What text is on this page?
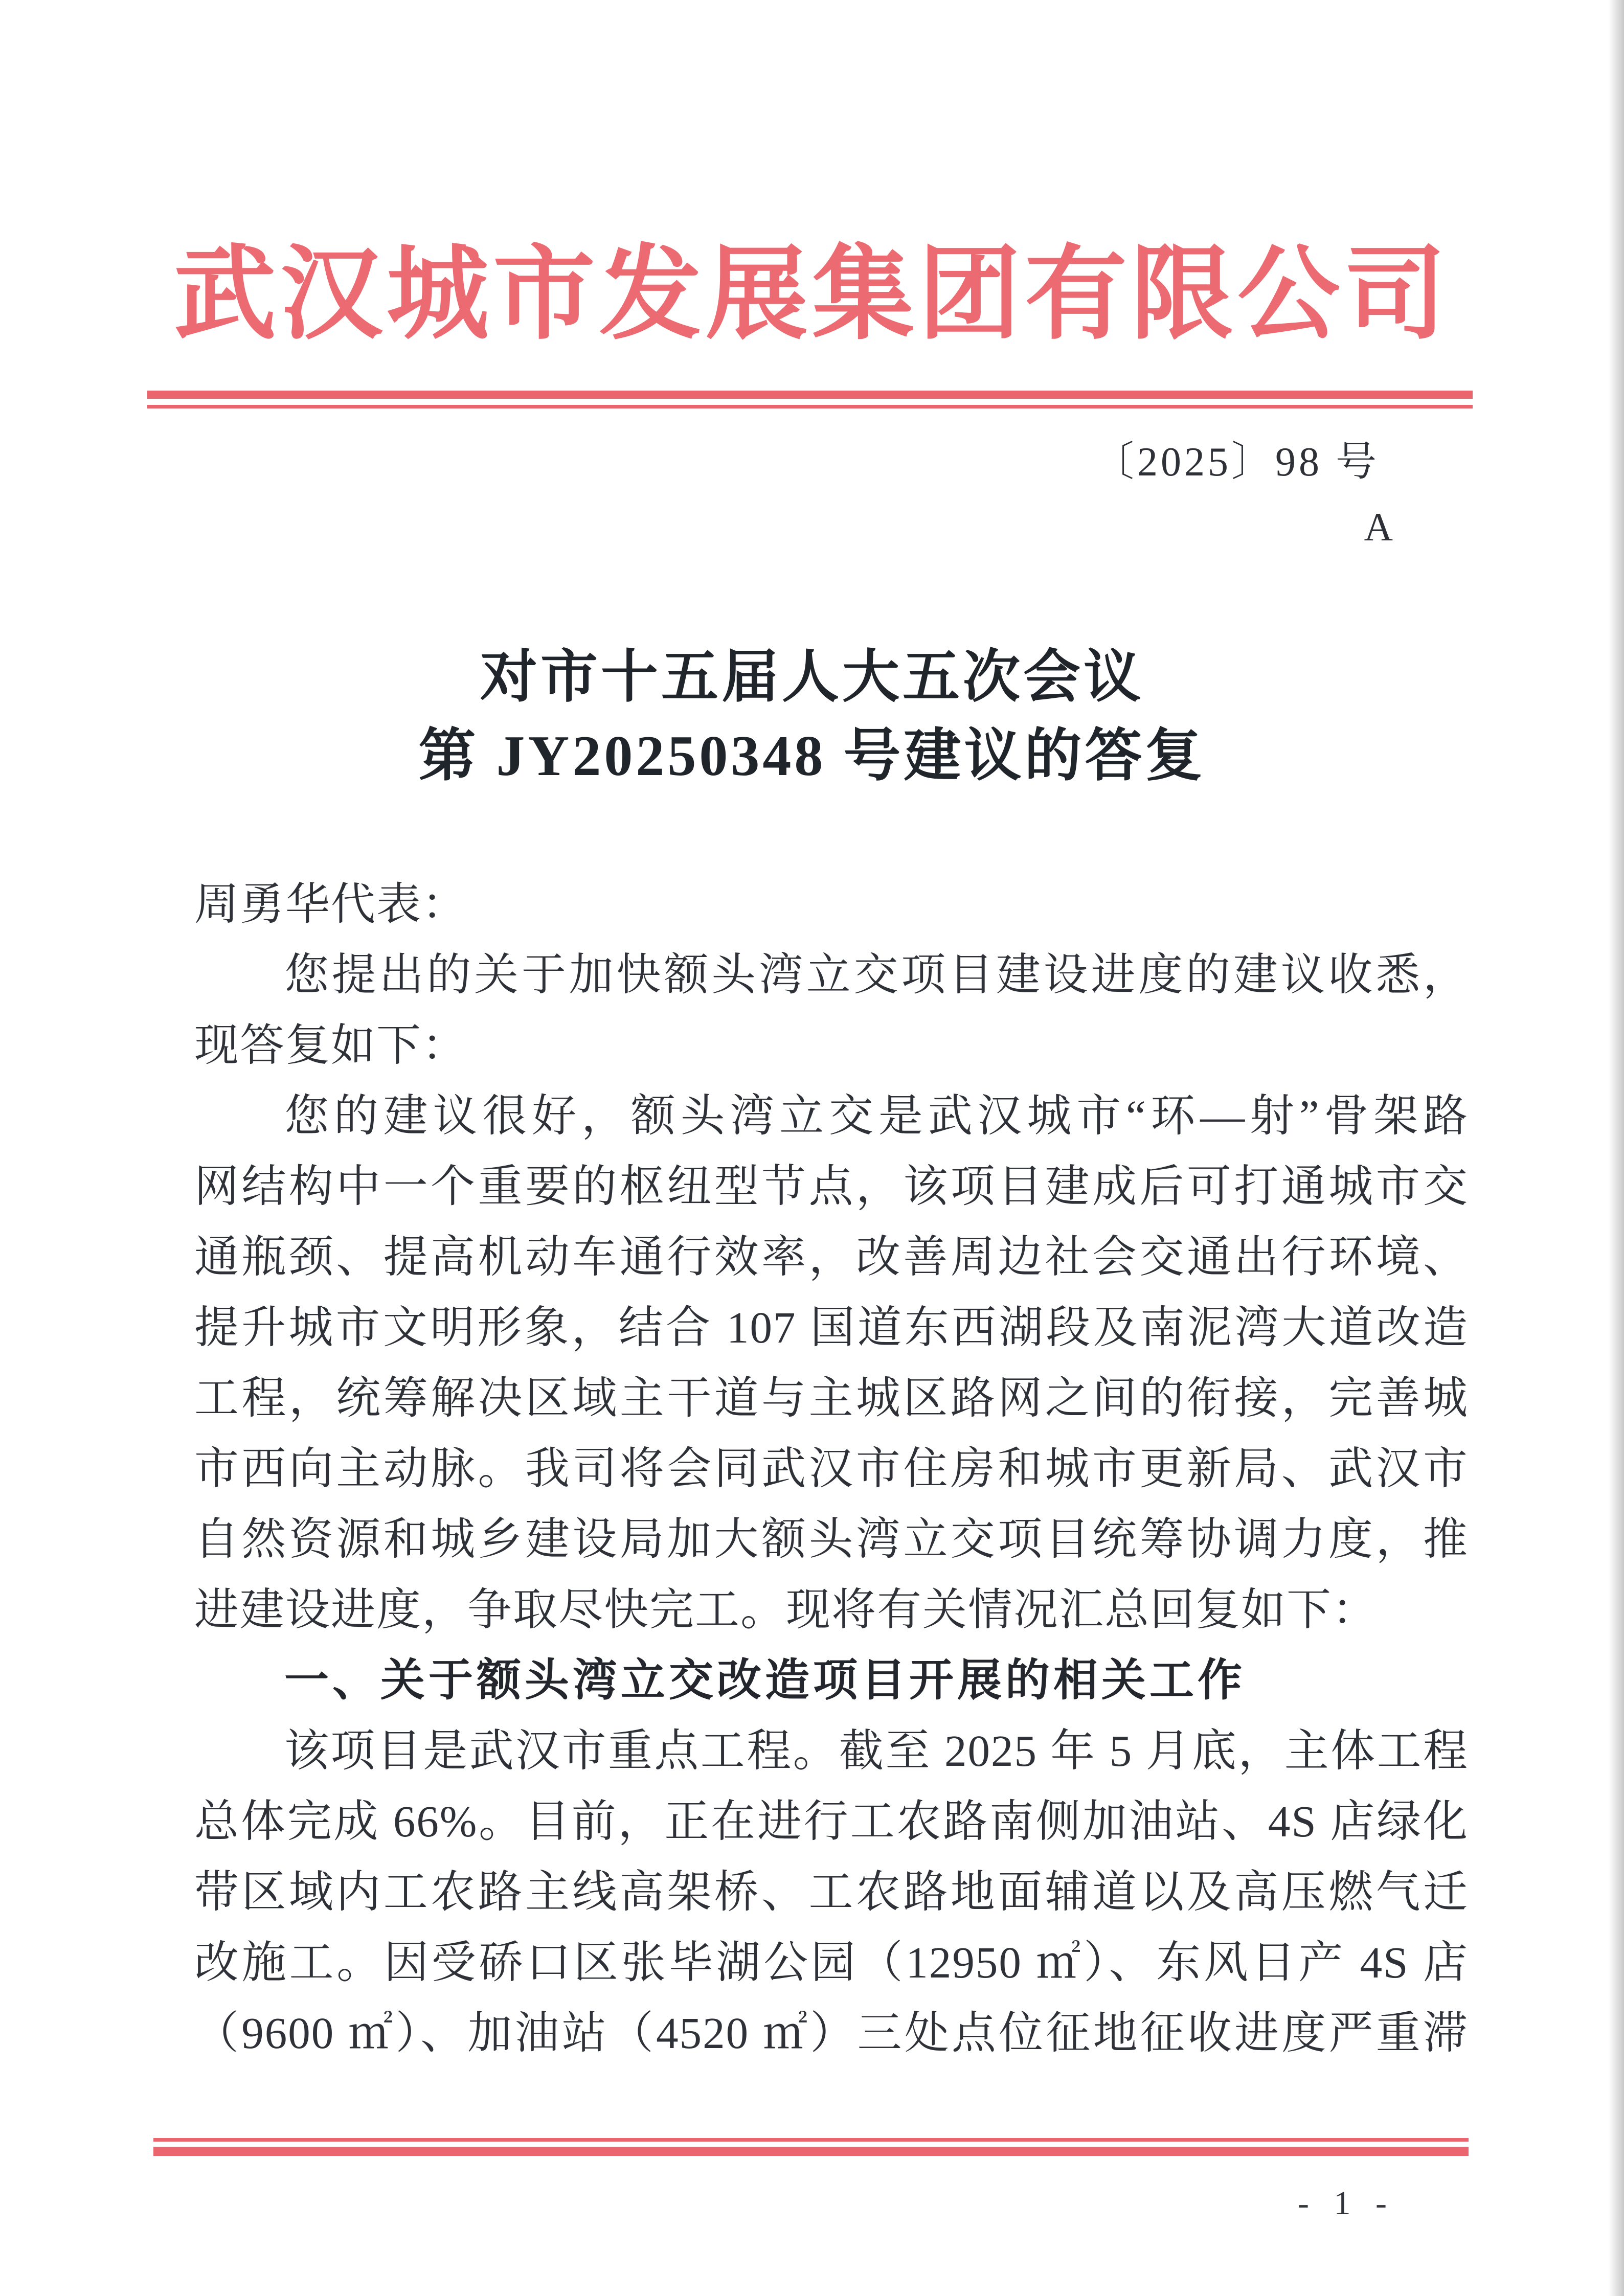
武汉城市发展集团有限公司
〔2025〕98 号
A
对市十五届人大五次会议
第 JY20250348 号建议的答复
周勇华代表：
您提出的关于加快额头湾立交项目建设进度的建议收悉，
现答复如下：
您的建议很好，额头湾立交是武汉城市“环—射”骨架路
网结构中一个重要的枢纽型节点，该项目建成后可打通城市交
通瓶颈、提高机动车通行效率，改善周边社会交通出行环境、
提升城市文明形象，结合 107 国道东西湖段及南泥湾大道改造
工程，统筹解决区域主干道与主城区路网之间的衔接，完善城
市西向主动脉。我司将会同武汉市住房和城市更新局、武汉市
自然资源和城乡建设局加大额头湾立交项目统筹协调力度，推
进建设进度，争取尽快完工。现将有关情况汇总回复如下：
一、关于额头湾立交改造项目开展的相关工作
该项目是武汉市重点工程。截至 2025 年 5 月底，主体工程
总体完成 66%。目前，正在进行工农路南侧加油站、4S 店绿化
带区域内工农路主线高架桥、工农路地面辅道以及高压燃气迁
改施工。因受硚口区张毕湖公园（12950 ㎡）、东风日产 4S 店
（9600 ㎡）、加油站（4520 ㎡）三处点位征地征收进度严重滞
- 1 -
